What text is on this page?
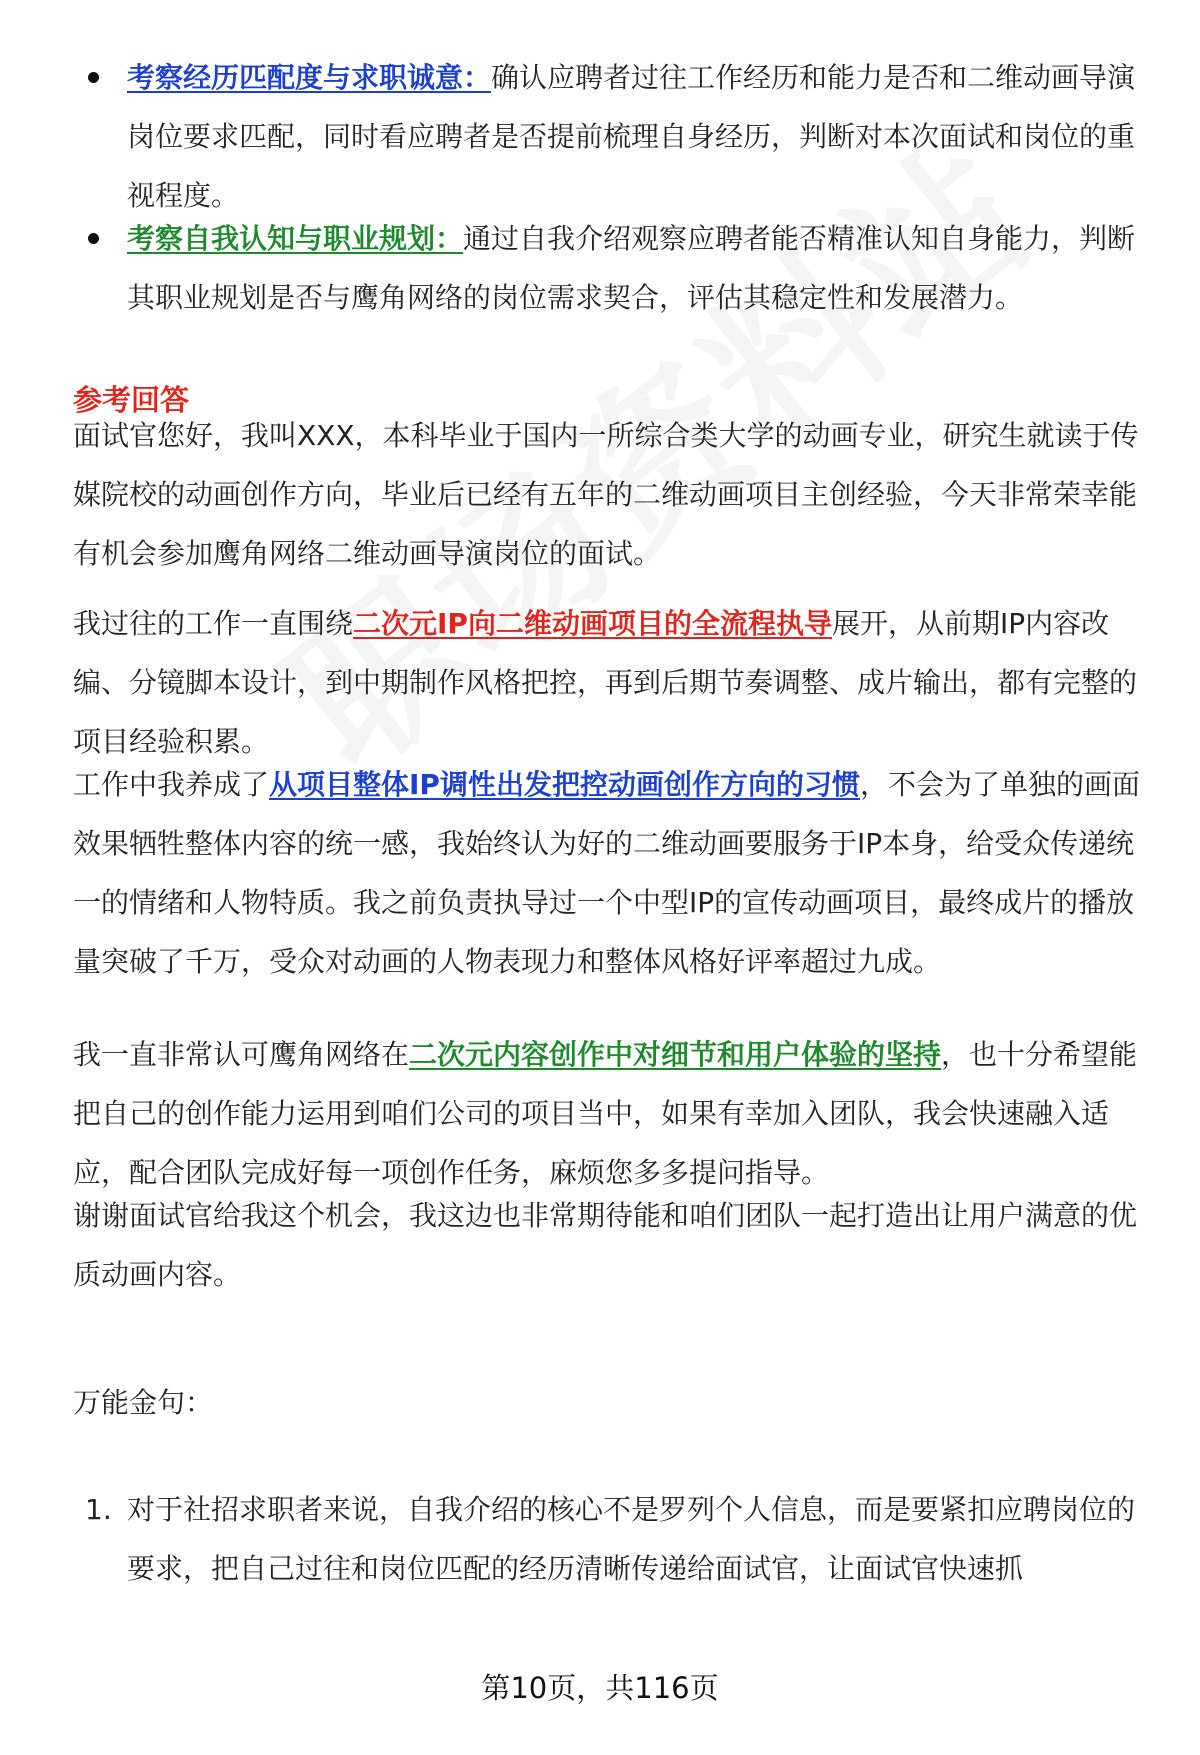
考察经历匹配度与求职诚意：确认应聘者过往工作经历和能力是否和二维动画导演岗位要求匹配，同时看应聘者是否提前梳理自身经历，判断对本次面试和岗位的重视程度。
考察自我认知与职业规划：通过自我介绍观察应聘者能否精准认知自身能力，判断其职业规划是否与鹰角网络的岗位需求契合，评估其稳定性和发展潜力。
参考回答
面试官您好，我叫XXX，本科毕业于国内一所综合类大学的动画专业，研究生就读于传媒院校的动画创作方向，毕业后已经有五年的二维动画项目主创经验，今天非常荣幸能有机会参加鹰角网络二维动画导演岗位的面试。
我过往的工作一直围绕二次元IP向二维动画项目的全流程执导展开，从前期IP内容改编、分镜脚本设计，到中期制作风格把控，再到后期节奏调整、成片输出，都有完整的项目经验积累。
工作中我养成了从项目整体IP调性出发把控动画创作方向的习惯，不会为了单独的画面效果牺牲整体内容的统一感，我始终认为好的二维动画要服务于IP本身，给受众传递统一的情绪和人物特质。我之前负责执导过一个中型IP的宣传动画项目，最终成片的播放量突破了千万，受众对动画的人物表现力和整体风格好评率超过九成。
我一直非常认可鹰角网络在二次元内容创作中对细节和用户体验的坚持，也十分希望能把自己的创作能力运用到咱们公司的项目当中，如果有幸加入团队，我会快速融入适应，配合团队完成好每一项创作任务，麻烦您多多提问指导。
谢谢面试官给我这个机会，我这边也非常期待能和咱们团队一起打造出让用户满意的优质动画内容。
万能金句：
1. 对于社招求职者来说，自我介绍的核心不是罗列个人信息，而是要紧扣应聘岗位的要求，把自己过往和岗位匹配的经历清晰传递给面试官，让面试官快速抓
第10页，共116页
